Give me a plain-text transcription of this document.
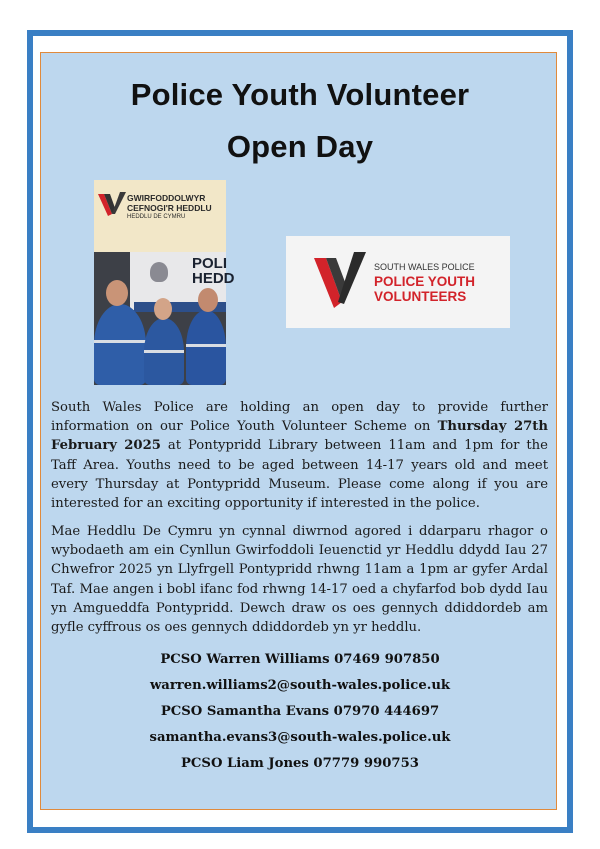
Police Youth Volunteer
Open Day
GWIRFODDOLWYR
CEFNOGI'R HEDDLU
HEDDLU DE CYMRU
POLI
HEDD
SOUTH WALES POLICE
POLICE YOUTH
VOLUNTEERS

South Wales Police are holding an open day to provide further information on our Police Youth Volunteer Scheme on Thursday 27th February 2025 at Pontypridd Library between 11am and 1pm for the Taff Area. Youths need to be aged between 14-17 years old and meet every Thursday at Pontypridd Museum. Please come along if you are interested for an exciting opportunity if interested in the police.

Mae Heddlu De Cymru yn cynnal diwrnod agored i ddarparu rhagor o wybodaeth am ein Cynllun Gwirfoddoli Ieuenctid yr Heddlu ddydd Iau 27 Chwefror 2025 yn Llyfrgell Pontypridd rhwng 11am a 1pm ar gyfer Ardal Taf. Mae angen i bobl ifanc fod rhwng 14-17 oed a chyfarfod bob dydd Iau yn Amgueddfa Pontypridd. Dewch draw os oes gennych ddiddordeb am gyfle cyffrous os oes gennych ddiddordeb yn yr heddlu.

PCSO Warren Williams 07469 907850
warren.williams2@south-wales.police.uk
PCSO Samantha Evans 07970 444697
samantha.evans3@south-wales.police.uk
PCSO Liam Jones 07779 990753
